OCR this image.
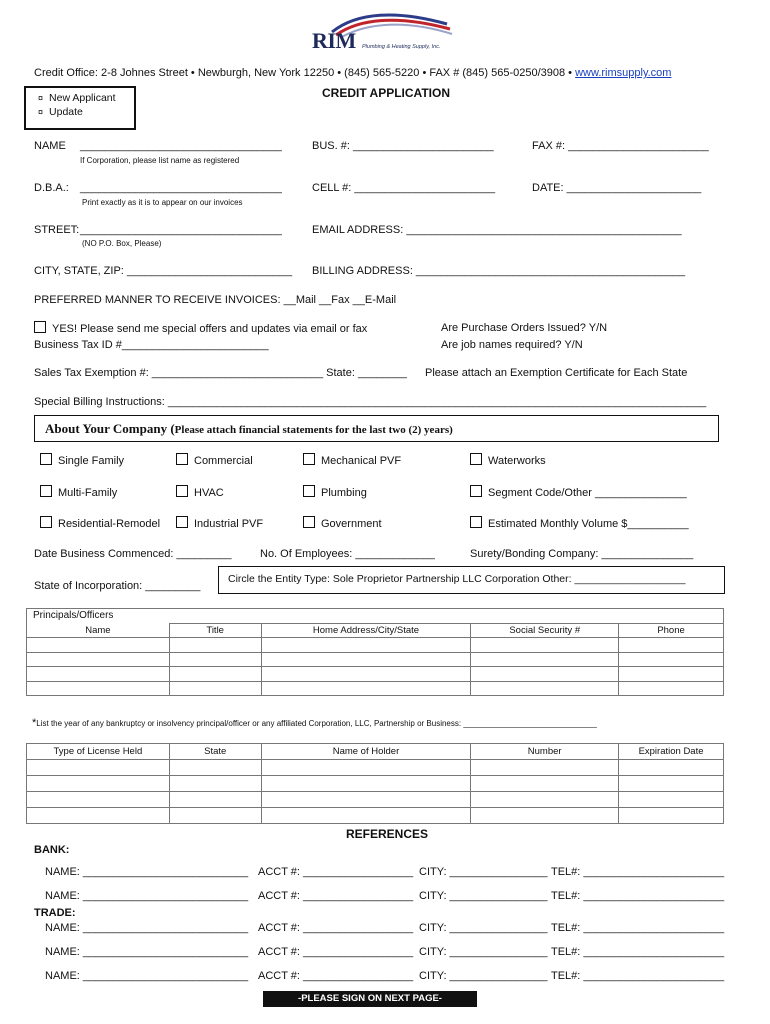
RIM Plumbing & Heating Supply, Inc.
Credit Office: 2-8 Johnes Street • Newburgh, New York 12250 • (845) 565-5220 • FAX # (845) 565-0250/3908 • www.rimsupply.com
¤ New Applicant
¤ Update
CREDIT APPLICATION
NAME _________________________________
If Corporation, please list name as registered
BUS. #: _______________________	FAX #: _______________________
D.B.A.: _________________________________
Print exactly as it is to appear on our invoices
CELL #: _______________________	DATE: ______________________
STREET: _________________________________
(NO P.O. Box, Please)
EMAIL ADDRESS: _____________________________________________
CITY, STATE, ZIP: ___________________________ BILLING ADDRESS: ____________________________________________
PREFERRED MANNER TO RECEIVE INVOICES: __Mail __Fax __E-Mail
YES! Please send me special offers and updates via email or fax
Business Tax ID #________________________
Are Purchase Orders Issued? Y/N
Are job names required? Y/N
Sales Tax Exemption #: ____________________________ State: ________ Please attach an Exemption Certificate for Each State
Special Billing Instructions: ________________________________________________________________________________________
About Your Company (Please attach financial statements for the last two (2) years)
Single Family
Multi-Family
Residential-Remodel
Commercial
HVAC
Industrial PVF
Mechanical PVF
Plumbing
Government
Waterworks
Segment Code/Other _______________
Estimated Monthly Volume $__________
Date Business Commenced: _________	No. Of Employees: _____________	Surety/Bonding Company: _______________
State of Incorporation: _________
Circle the Entity Type: Sole Proprietor Partnership LLC Corporation Other: ___________________
Principals/Officers				
Name	Title	Home Address/City/State	Social Security #	Phone

*List the year of any bankruptcy or insolvency principal/officer or any affiliated Corporation, LLC, Partnership or Business: ______________________________
Type of License Held	State	Name of Holder	Number	Expiration Date

REFERENCES
BANK:
NAME: ___________________________ ACCT #: __________________ CITY: ________________ TEL#: _______________________
NAME: ___________________________ ACCT #: __________________ CITY: ________________ TEL#: _______________________
TRADE:
NAME: ___________________________ ACCT #: __________________ CITY: ________________ TEL#: _______________________
NAME: ___________________________ ACCT #: __________________ CITY: ________________ TEL#: _______________________
NAME: ___________________________ ACCT #: __________________ CITY: ________________ TEL#: _______________________
-PLEASE SIGN ON NEXT PAGE-
